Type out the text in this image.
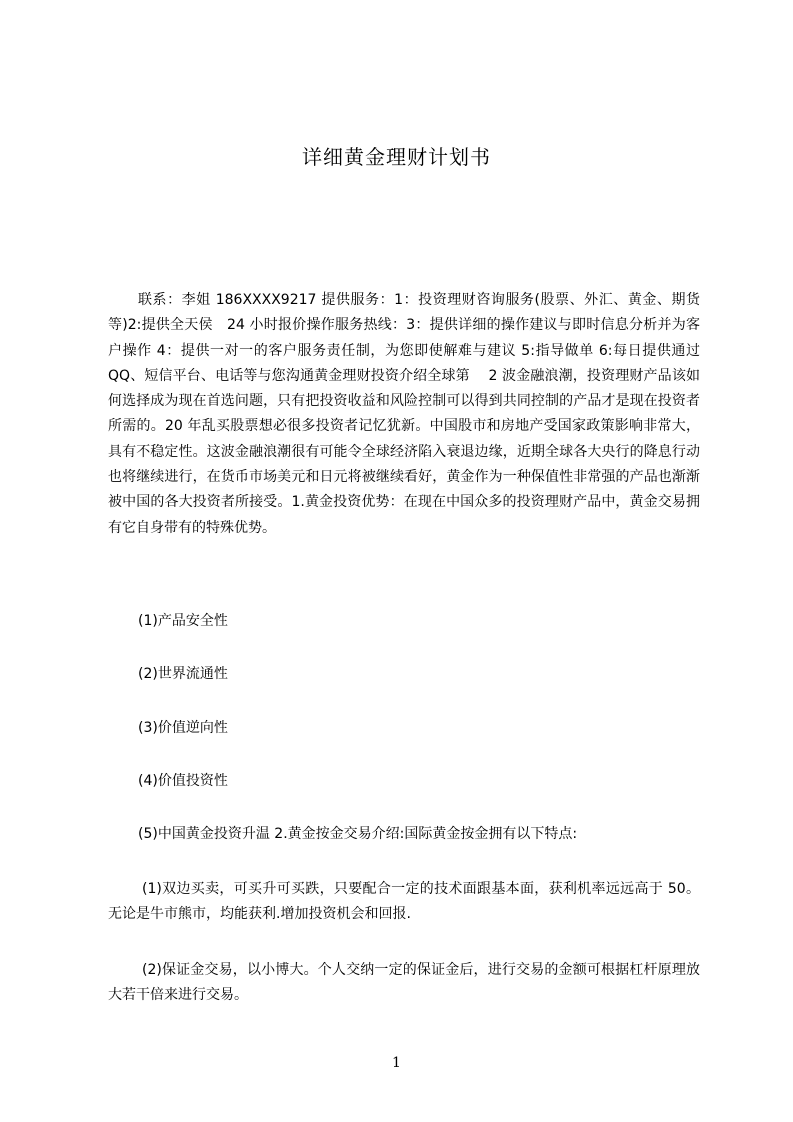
详细黄金理财计划书

联系：李姐 186XXXX9217 提供服务：1：投资理财咨询服务(股票、外汇、黄金、期货等)2:提供全天侯　24 小时报价操作服务热线：3：提供详细的操作建议与即时信息分析并为客户操作 4：提供一对一的客户服务责任制，为您即使解难与建议 5:指导做单 6:每日提供通过　QQ、短信平台、电话等与您沟通黄金理财投资介绍全球第　 2 波金融浪潮，投资理财产品该如何选择成为现在首选问题，只有把投资收益和风险控制可以得到共同控制的产品才是现在投资者所需的。20 年乱买股票想必很多投资者记忆犹新。中国股市和房地产受国家政策影响非常大，具有不稳定性。这波金融浪潮很有可能令全球经济陷入衰退边缘，近期全球各大央行的降息行动也将继续进行，在货币市场美元和日元将被继续看好，黄金作为一种保值性非常强的产品也渐渐被中国的各大投资者所接受。1.黄金投资优势：在现在中国众多的投资理财产品中，黄金交易拥有它自身带有的特殊优势。

(1)产品安全性
(2)世界流通性
(3)价值逆向性
(4)价值投资性
(5)中国黄金投资升温 2.黄金按金交易介绍:国际黄金按金拥有以下特点:

(1)双边买卖，可买升可买跌，只要配合一定的技术面跟基本面，获利机率远远高于 50。无论是牛市熊市，均能获利.增加投资机会和回报.

(2)保证金交易，以小博大。个人交纳一定的保证金后，进行交易的金额可根据杠杆原理放大若干倍来进行交易。

1
